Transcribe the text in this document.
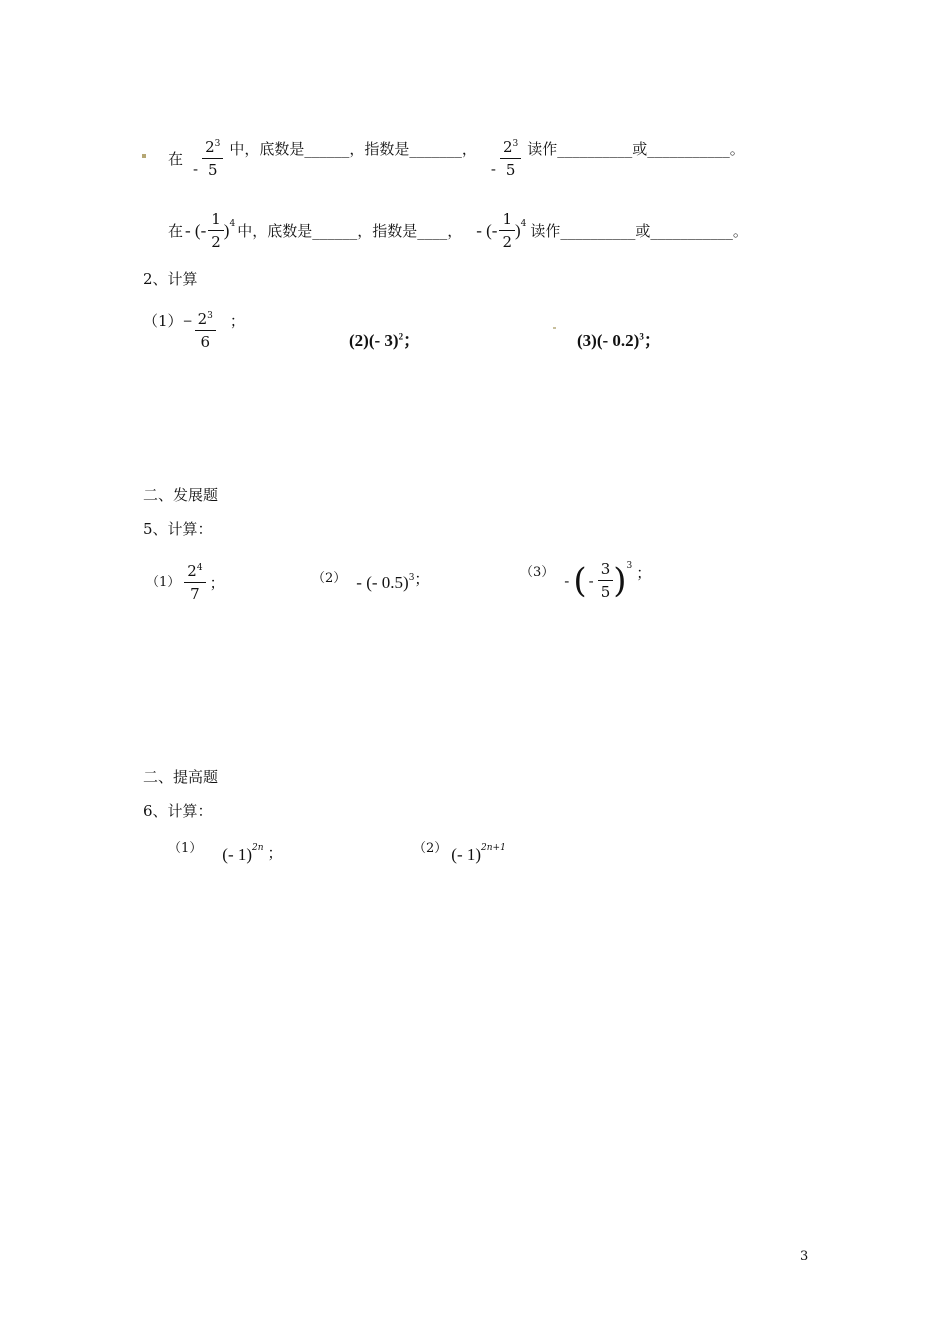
在
- $\frac{2^3}{5}$ 中，底数是______，指数是_______，
- $\frac{2^3}{5}$ 读作__________或___________。
在 - (- $\frac{1}{2}$ ) 4 中，底数是______，指数是____， - (- $\frac{1}{2}$ ) 4 读作__________或___________。
2、计算
$(1) - \frac{2^3}{6}$ ；
(2)(- 3)$^2$；	(3)(- 0.2)$^3$；
二、发展题
5、计算：
$(1) \frac{2^4}{7}$ ；	（2） - (- 0.5) 3 ；	（3） - ( - $\frac{3}{5}$ ) 3 ；
二、提高题
6、计算：
（1） (- 1) 2n ；	（2） (- 1) 2n+1
3
